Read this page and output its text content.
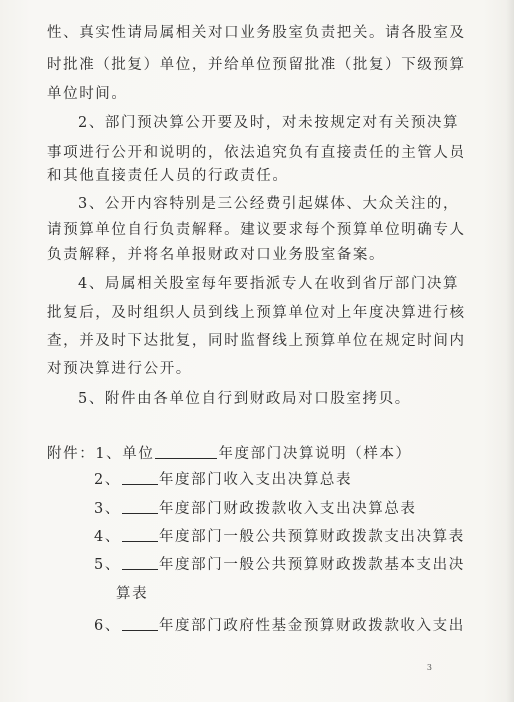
性、真实性请局属相关对口业务股室负责把关。请各股室及
时批准（批复）单位，并给单位预留批准（批复）下级预算
单位时间。
2、部门预决算公开要及时，对未按规定对有关预决算
事项进行公开和说明的，依法追究负有直接责任的主管人员
和其他直接责任人员的行政责任。
3、公开内容特别是三公经费引起媒体、大众关注的，
请预算单位自行负责解释。建议要求每个预算单位明确专人
负责解释，并将名单报财政对口业务股室备案。
4、局属相关股室每年要指派专人在收到省厅部门决算
批复后，及时组织人员到线上预算单位对上年度决算进行核
查，并及时下达批复，同时监督线上预算单位在规定时间内
对预决算进行公开。
5、附件由各单位自行到财政局对口股室拷贝。
附件：1、单位	年度部门决算说明（样本）
2、	年度部门收入支出决算总表
3、	年度部门财政拨款收入支出决算总表
4、	年度部门一般公共预算财政拨款支出决算表
5、	年度部门一般公共预算财政拨款基本支出决
算表
6、	年度部门政府性基金预算财政拨款收入支出
3
